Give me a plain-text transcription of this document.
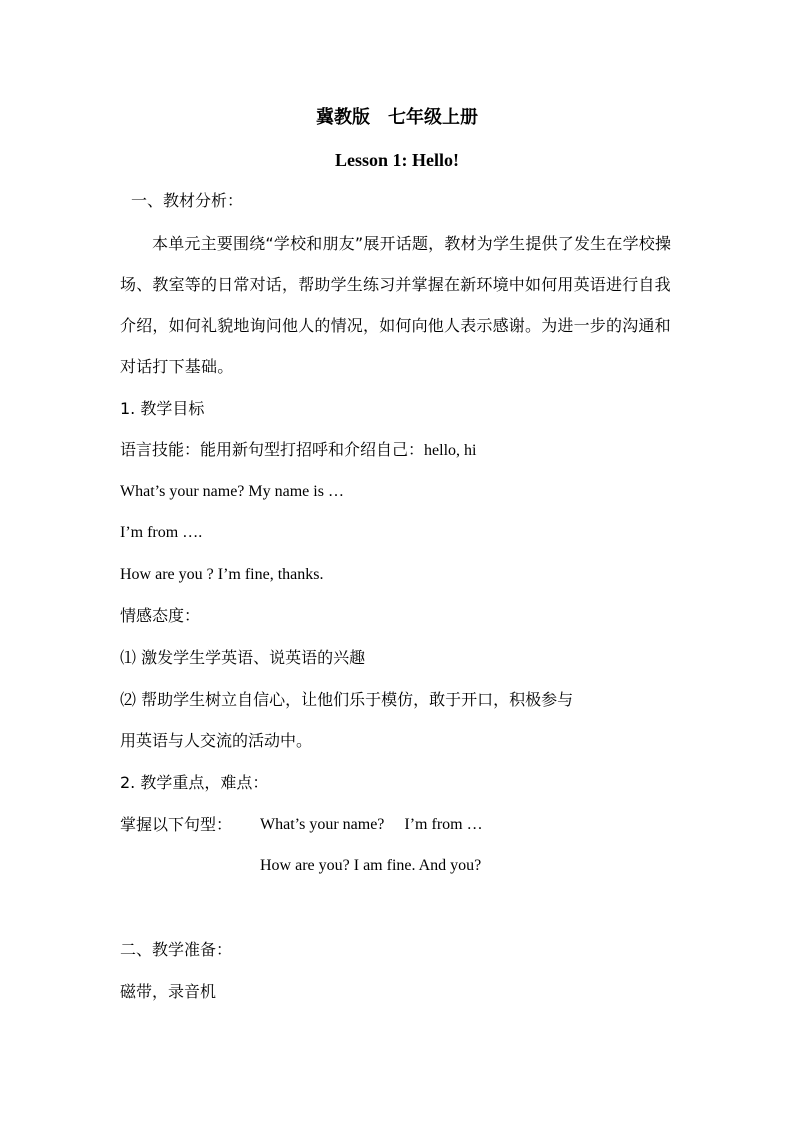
冀教版　七年级上册
Lesson 1: Hello!
一、教材分析：
本单元主要围绕“学校和朋友”展开话题，教材为学生提供了发生在学校操场、教室等的日常对话，帮助学生练习并掌握在新环境中如何用英语进行自我介绍，如何礼貌地询问他人的情况，如何向他人表示感谢。为进一步的沟通和对话打下基础。
1. 教学目标
语言技能：能用新句型打招呼和介绍自己：hello, hi
What’s your name? My name is …
I’m from ….
How are you ? I’m fine, thanks.
情感态度：
⑴ 激发学生学英语、说英语的兴趣
⑵ 帮助学生树立自信心，让他们乐于模仿，敢于开口，积极参与
用英语与人交流的活动中。
2. 教学重点，难点：
掌握以下句型： What’s your name?　 I’m from …
How are you? I am fine. And you?
二、教学准备：
磁带，录音机
